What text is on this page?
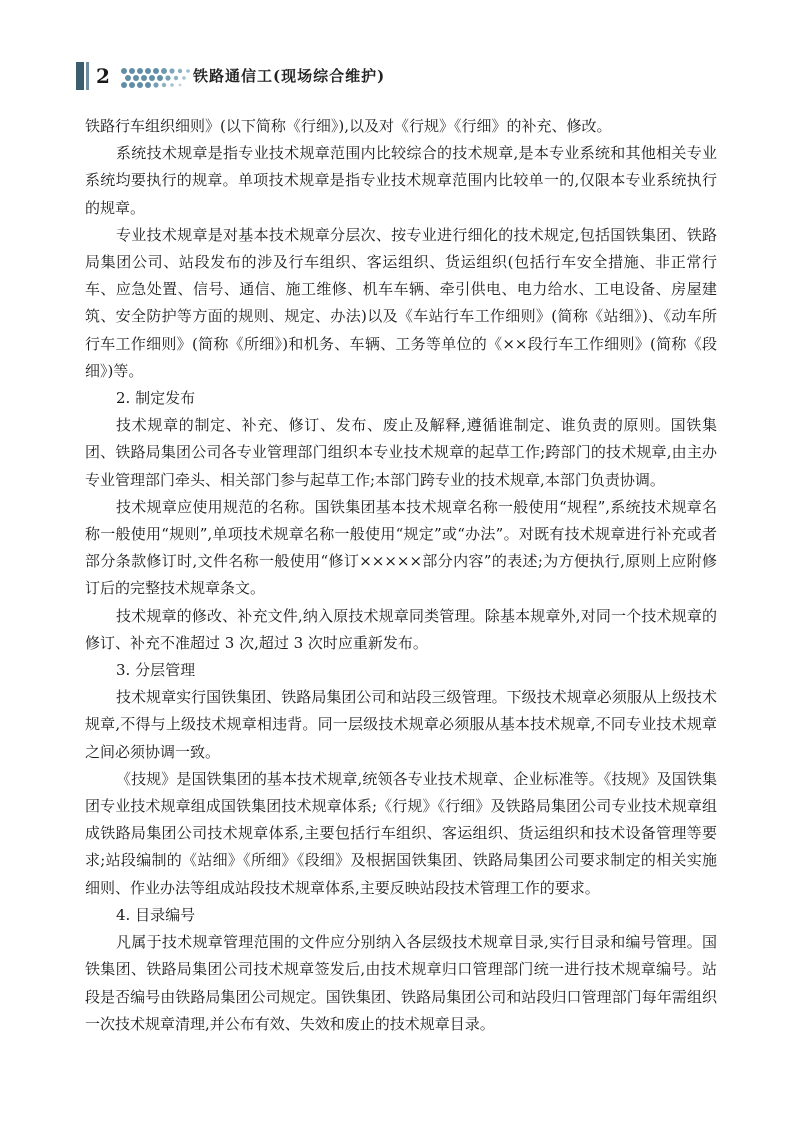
2	铁路通信工(现场综合维护)

铁路行车组织细则》(以下简称《行细》),以及对《行规》《行细》的补充、修改。

系统技术规章是指专业技术规章范围内比较综合的技术规章,是本专业系统和其他相关专业系统均要执行的规章。单项技术规章是指专业技术规章范围内比较单一的,仅限本专业系统执行的规章。

专业技术规章是对基本技术规章分层次、按专业进行细化的技术规定,包括国铁集团、铁路局集团公司、站段发布的涉及行车组织、客运组织、货运组织(包括行车安全措施、非正常行车、应急处置、信号、通信、施工维修、机车车辆、牵引供电、电力给水、工电设备、房屋建筑、安全防护等方面的规则、规定、办法)以及《车站行车工作细则》(简称《站细》)、《动车所行车工作细则》(简称《所细》)和机务、车辆、工务等单位的《××段行车工作细则》(简称《段细》)等。

2. 制定发布

技术规章的制定、补充、修订、发布、废止及解释,遵循谁制定、谁负责的原则。国铁集团、铁路局集团公司各专业管理部门组织本专业技术规章的起草工作;跨部门的技术规章,由主办专业管理部门牵头、相关部门参与起草工作;本部门跨专业的技术规章,本部门负责协调。

技术规章应使用规范的名称。国铁集团基本技术规章名称一般使用“规程”,系统技术规章名称一般使用“规则”,单项技术规章名称一般使用“规定”或“办法”。对既有技术规章进行补充或者部分条款修订时,文件名称一般使用“修订×××××部分内容”的表述;为方便执行,原则上应附修订后的完整技术规章条文。

技术规章的修改、补充文件,纳入原技术规章同类管理。除基本规章外,对同一个技术规章的修订、补充不准超过 3 次,超过 3 次时应重新发布。

3. 分层管理

技术规章实行国铁集团、铁路局集团公司和站段三级管理。下级技术规章必须服从上级技术规章,不得与上级技术规章相违背。同一层级技术规章必须服从基本技术规章,不同专业技术规章之间必须协调一致。

《技规》是国铁集团的基本技术规章,统领各专业技术规章、企业标准等。《技规》及国铁集团专业技术规章组成国铁集团技术规章体系;《行规》《行细》及铁路局集团公司专业技术规章组成铁路局集团公司技术规章体系,主要包括行车组织、客运组织、货运组织和技术设备管理等要求;站段编制的《站细》《所细》《段细》及根据国铁集团、铁路局集团公司要求制定的相关实施细则、作业办法等组成站段技术规章体系,主要反映站段技术管理工作的要求。

4. 目录编号

凡属于技术规章管理范围的文件应分别纳入各层级技术规章目录,实行目录和编号管理。国铁集团、铁路局集团公司技术规章签发后,由技术规章归口管理部门统一进行技术规章编号。站段是否编号由铁路局集团公司规定。国铁集团、铁路局集团公司和站段归口管理部门每年需组织一次技术规章清理,并公布有效、失效和废止的技术规章目录。
